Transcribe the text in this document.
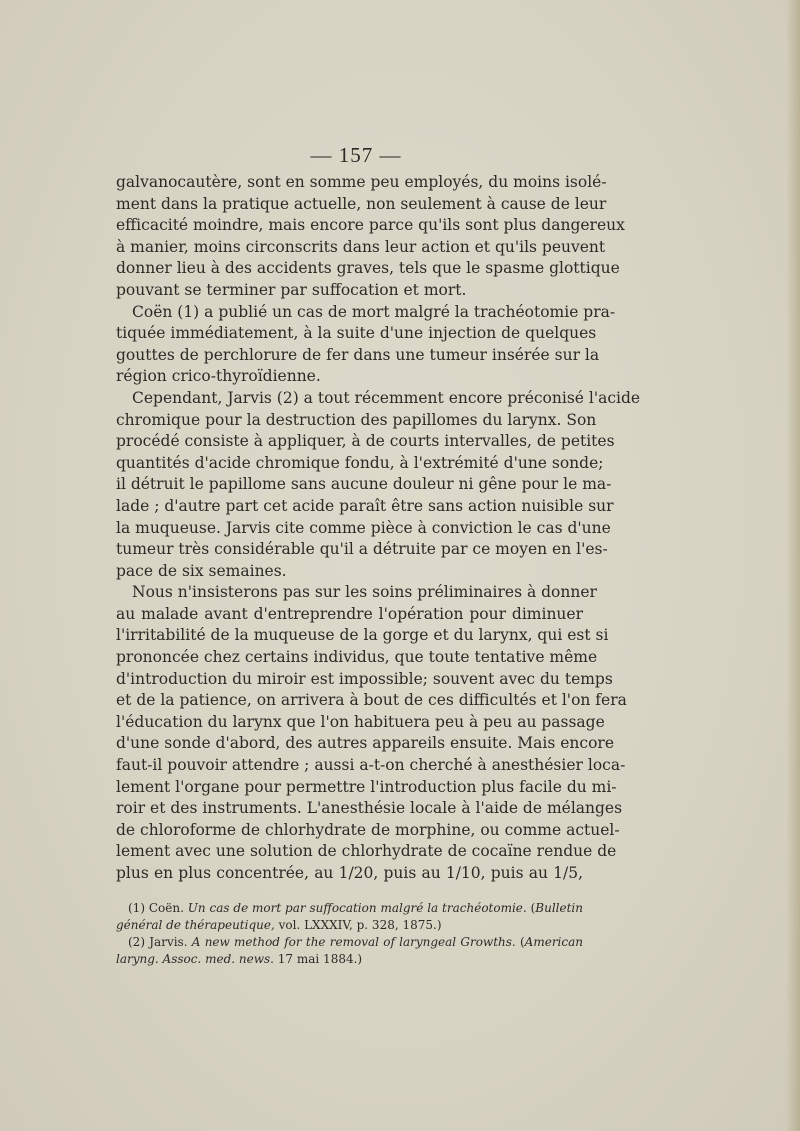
— 157 —
galvanocautère, sont en somme peu employés, du moins isolé-
ment dans la pratique actuelle, non seulement à cause de leur
efficacité moindre, mais encore parce qu'ils sont plus dangereux
à manier, moins circonscrits dans leur action et qu'ils peuvent
donner lieu à des accidents graves, tels que le spasme glottique
pouvant se terminer par suffocation et mort.
Coën (1) a publié un cas de mort malgré la trachéotomie pra-
tiquée immédiatement, à la suite d'une injection de quelques
gouttes de perchlorure de fer dans une tumeur insérée sur la
région crico-thyroïdienne.
Cependant, Jarvis (2) a tout récemment encore préconisé l'acide
chromique pour la destruction des papillomes du larynx. Son
procédé consiste à appliquer, à de courts intervalles, de petites
quantités d'acide chromique fondu, à l'extrémité d'une sonde;
il détruit le papillome sans aucune douleur ni gêne pour le ma-
lade ; d'autre part cet acide paraît être sans action nuisible sur
la muqueuse. Jarvis cite comme pièce à conviction le cas d'une
tumeur très considérable qu'il a détruite par ce moyen en l'es-
pace de six semaines.
Nous n'insisterons pas sur les soins préliminaires à donner
au malade avant d'entreprendre l'opération pour diminuer
l'irritabilité de la muqueuse de la gorge et du larynx, qui est si
prononcée chez certains individus, que toute tentative même
d'introduction du miroir est impossible; souvent avec du temps
et de la patience, on arrivera à bout de ces difficultés et l'on fera
l'éducation du larynx que l'on habituera peu à peu au passage
d'une sonde d'abord, des autres appareils ensuite. Mais encore
faut-il pouvoir attendre ; aussi a-t-on cherché à anesthésier loca-
lement l'organe pour permettre l'introduction plus facile du mi-
roir et des instruments. L'anesthésie locale à l'aide de mélanges
de chloroforme de chlorhydrate de morphine, ou comme actuel-
lement avec une solution de chlorhydrate de cocaïne rendue de
plus en plus concentrée, au 1/20, puis au 1/10, puis au 1/5,
(1) Coën. Un cas de mort par suffocation malgré la trachéotomie. (Bulletin
général de thérapeutique, vol. LXXXIV, p. 328, 1875.)
(2) Jarvis. A new method for the removal of laryngeal Growths. (American
laryng. Assoc. med. news. 17 mai 1884.)
